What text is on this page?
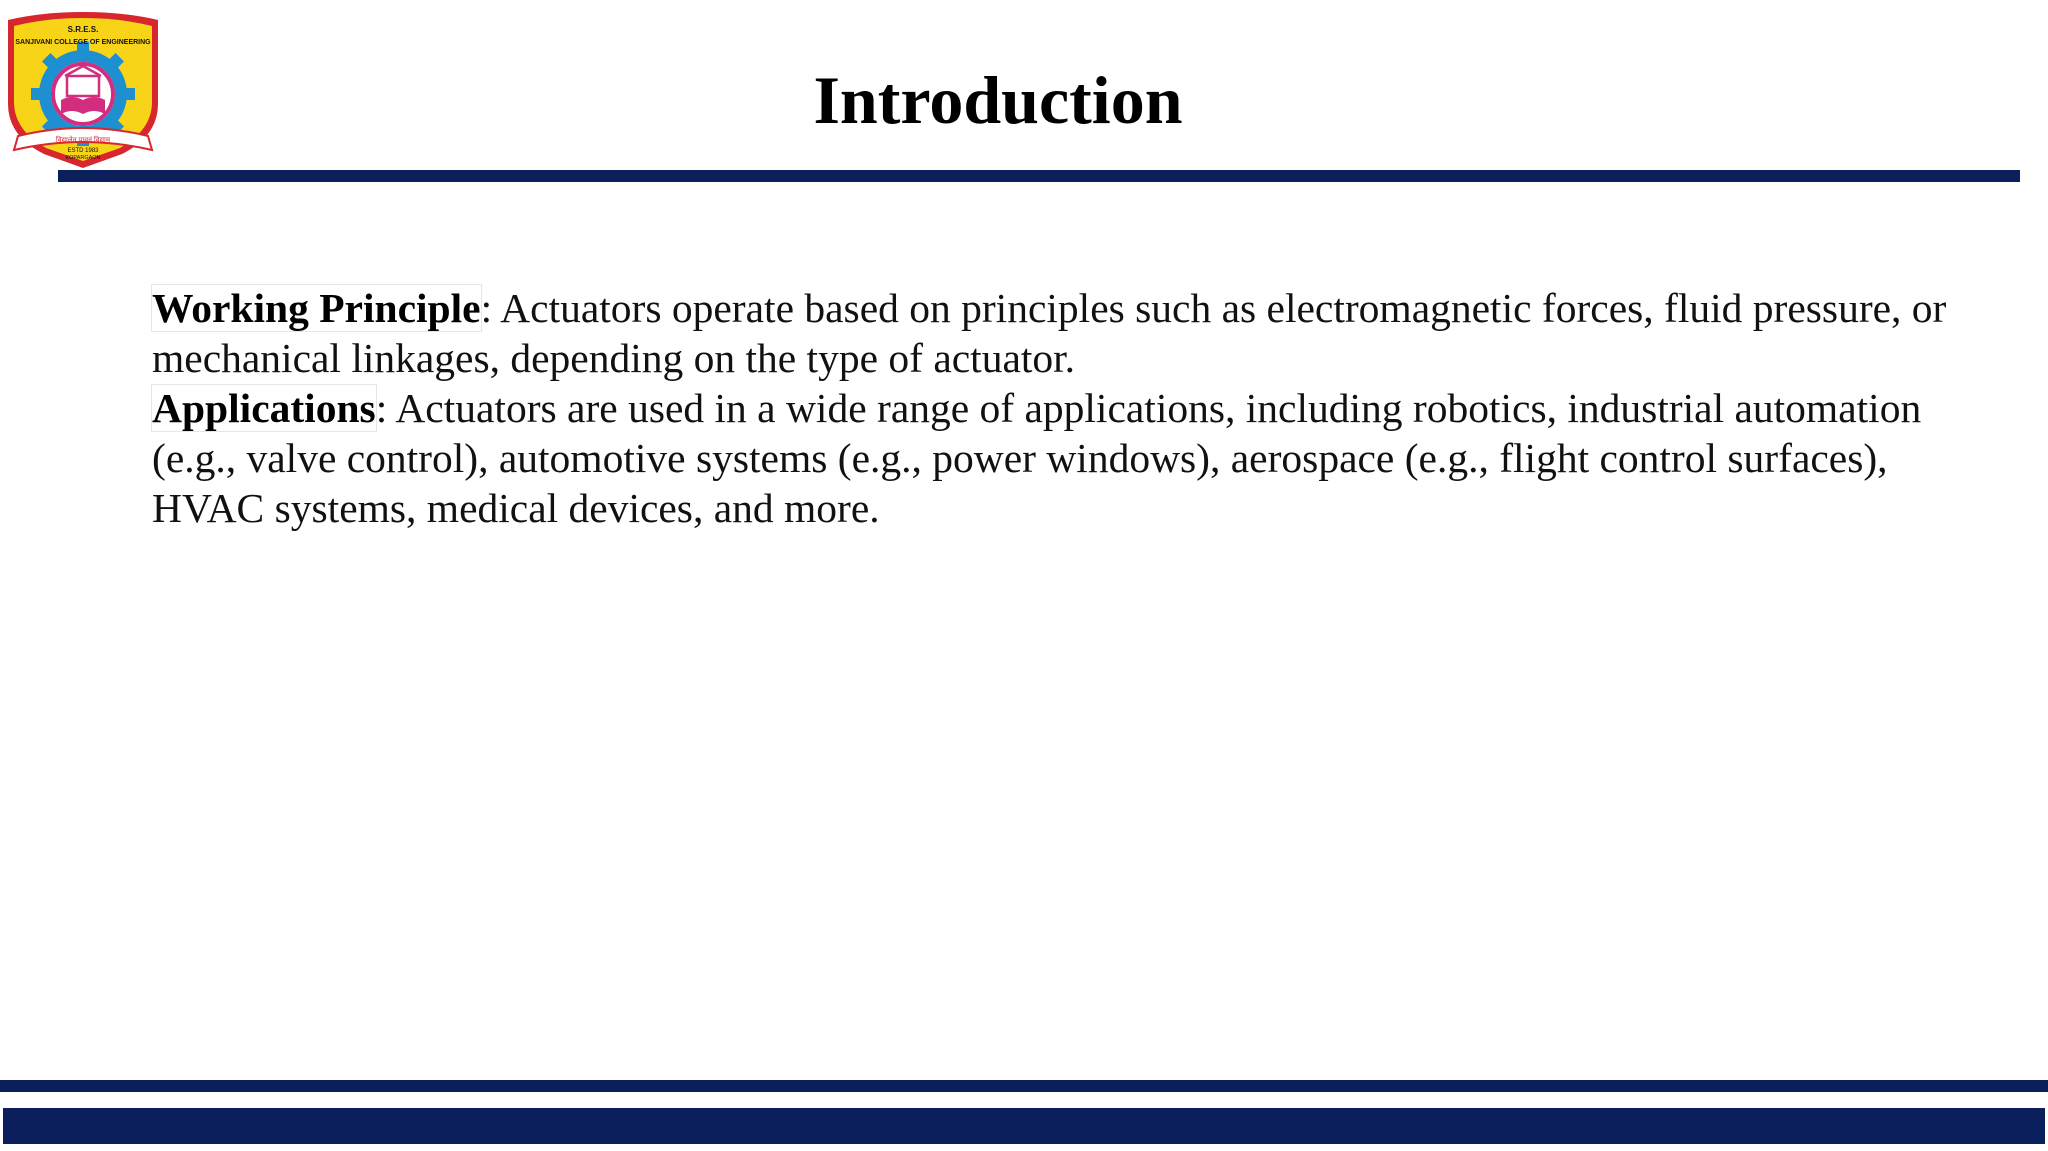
S.R.E.S.
SANJIVANI COLLEGE OF ENGINEERING
विद्यालेन पावनं विद्याम्
ESTD 1983
KOPARGAON
Introduction

Working Principle: Actuators operate based on principles such as electromagnetic forces, fluid pressure, or mechanical linkages, depending on the type of actuator.

Applications: Actuators are used in a wide range of applications, including robotics, industrial automation (e.g., valve control), automotive systems (e.g., power windows), aerospace (e.g., flight control surfaces), HVAC systems, medical devices, and more.
